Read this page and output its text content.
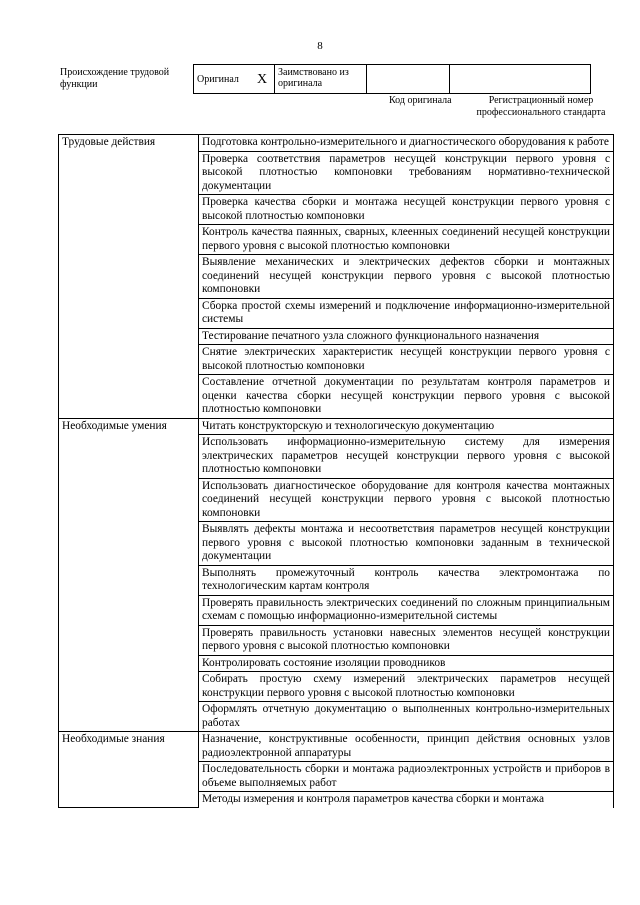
8
Происхождение трудовой функции	Оригинал	X	Заимствовано из оригинала		
Код оригинала	Регистрационный номер профессионального стандарта
Трудовые действия	Подготовка контрольно-измерительного и диагностического оборудования к работе
	Проверка соответствия параметров несущей конструкции первого уровня с высокой плотностью компоновки требованиям нормативно-технической документации
	Проверка качества сборки и монтажа несущей конструкции первого уровня с высокой плотностью компоновки
	Контроль качества паянных, сварных, клеенных соединений несущей конструкции первого уровня с высокой плотностью компоновки
	Выявление механических и электрических дефектов сборки и монтажных соединений несущей конструкции первого уровня с высокой плотностью компоновки
	Сборка простой схемы измерений и подключение информационно-измерительной системы
	Тестирование печатного узла сложного функционального назначения
	Снятие электрических характеристик несущей конструкции первого уровня с высокой плотностью компоновки
	Составление отчетной документации по результатам контроля параметров и оценки качества сборки несущей конструкции первого уровня с высокой плотностью компоновки
Необходимые умения	Читать конструкторскую и технологическую документацию
	Использовать информационно-измерительную систему для измерения электрических параметров несущей конструкции первого уровня с высокой плотностью компоновки
	Использовать диагностическое оборудование для контроля качества монтажных соединений несущей конструкции первого уровня с высокой плотностью компоновки
	Выявлять дефекты монтажа и несоответствия параметров несущей конструкции первого уровня с высокой плотностью компоновки заданным в технической документации
	Выполнять промежуточный контроль качества электромонтажа по технологическим картам контроля
	Проверять правильность электрических соединений по сложным принципиальным схемам с помощью информационно-измерительной системы
	Проверять правильность установки навесных элементов несущей конструкции первого уровня с высокой плотностью компоновки
	Контролировать состояние изоляции проводников
	Собирать простую схему измерений электрических параметров несущей конструкции первого уровня с высокой плотностью компоновки
	Оформлять отчетную документацию о выполненных контрольно-измерительных работах
Необходимые знания	Назначение, конструктивные особенности, принцип действия основных узлов радиоэлектронной аппаратуры
	Последовательность сборки и монтажа радиоэлектронных устройств и приборов в объеме выполняемых работ
	Методы измерения и контроля параметров качества сборки и монтажа
